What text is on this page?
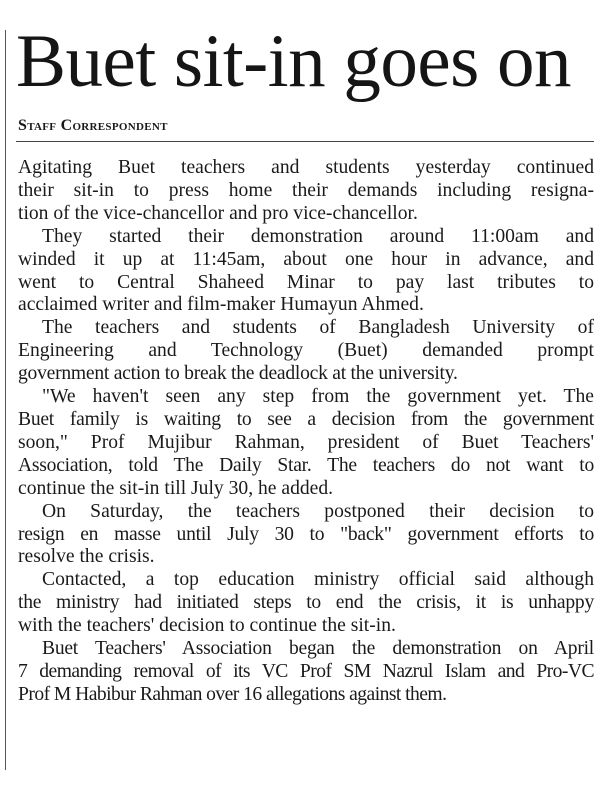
Buet sit-in goes on
Staff Correspondent
Agitating Buet teachers and students yesterday continued
their sit-in to press home their demands including resigna-
tion of the vice-chancellor and pro vice-chancellor.
They started their demonstration around 11:00am and
winded it up at 11:45am, about one hour in advance, and
went to Central Shaheed Minar to pay last tributes to
acclaimed writer and film-maker Humayun Ahmed.
The teachers and students of Bangladesh University of
Engineering and Technology (Buet) demanded prompt
government action to break the deadlock at the university.
"We haven't seen any step from the government yet. The
Buet family is waiting to see a decision from the government
soon," Prof Mujibur Rahman, president of Buet Teachers'
Association, told The Daily Star. The teachers do not want to
continue the sit-in till July 30, he added.
On Saturday, the teachers postponed their decision to
resign en masse until July 30 to "back" government efforts to
resolve the crisis.
Contacted, a top education ministry official said although
the ministry had initiated steps to end the crisis, it is unhappy
with the teachers' decision to continue the sit-in.
Buet Teachers' Association began the demonstration on April
7 demanding removal of its VC Prof SM Nazrul Islam and Pro-VC
Prof M Habibur Rahman over 16 allegations against them.
